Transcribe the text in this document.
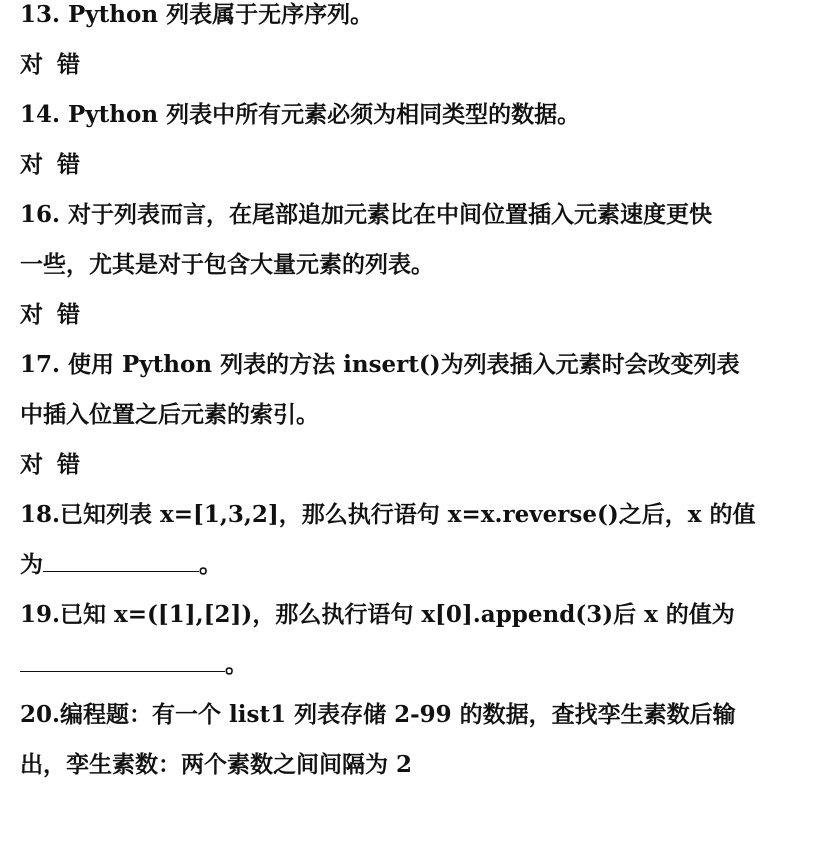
13. Python 列表属于无序序列。
对 错
14. Python 列表中所有元素必须为相同类型的数据。
对 错
16. 对于列表而言，在尾部追加元素比在中间位置插入元素速度更快
一些，尤其是对于包含大量元素的列表。
对 错
17. 使用 Python 列表的方法 insert()为列表插入元素时会改变列表
中插入位置之后元素的索引。
对 错
18.已知列表 x=[1,3,2]，那么执行语句 x=x.reverse()之后，x 的值
为	。
19.已知 x=([1],[2])，那么执行语句 x[0].append(3)后 x 的值为
。
20.编程题：有一个 list1 列表存储 2-99 的数据，查找孪生素数后输
出，孪生素数：两个素数之间间隔为 2
